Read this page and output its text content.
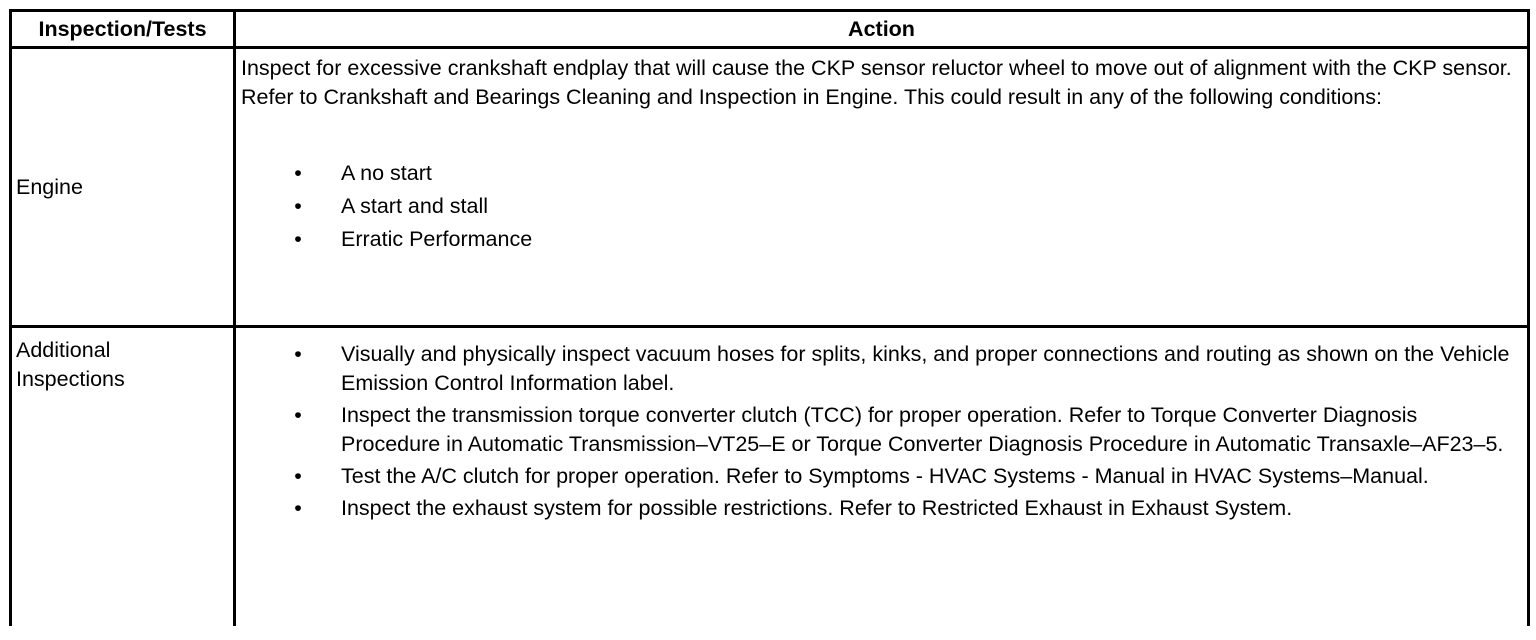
Inspection/Tests	Action
Engine

Inspect for excessive crankshaft endplay that will cause the CKP sensor reluctor wheel to move out of alignment with the CKP sensor. Refer to Crankshaft and Bearings Cleaning and Inspection in Engine. This could result in any of the following conditions:

• A no start
• A start and stall
• Erratic Performance
Additional Inspections
• Visually and physically inspect vacuum hoses for splits, kinks, and proper connections and routing as shown on the Vehicle Emission Control Information label.
• Inspect the transmission torque converter clutch (TCC) for proper operation. Refer to Torque Converter Diagnosis Procedure in Automatic Transmission–VT25–E or Torque Converter Diagnosis Procedure in Automatic Transaxle–AF23–5.
• Test the A/C clutch for proper operation. Refer to Symptoms - HVAC Systems - Manual in HVAC Systems–Manual.
• Inspect the exhaust system for possible restrictions. Refer to Restricted Exhaust in Exhaust System.
